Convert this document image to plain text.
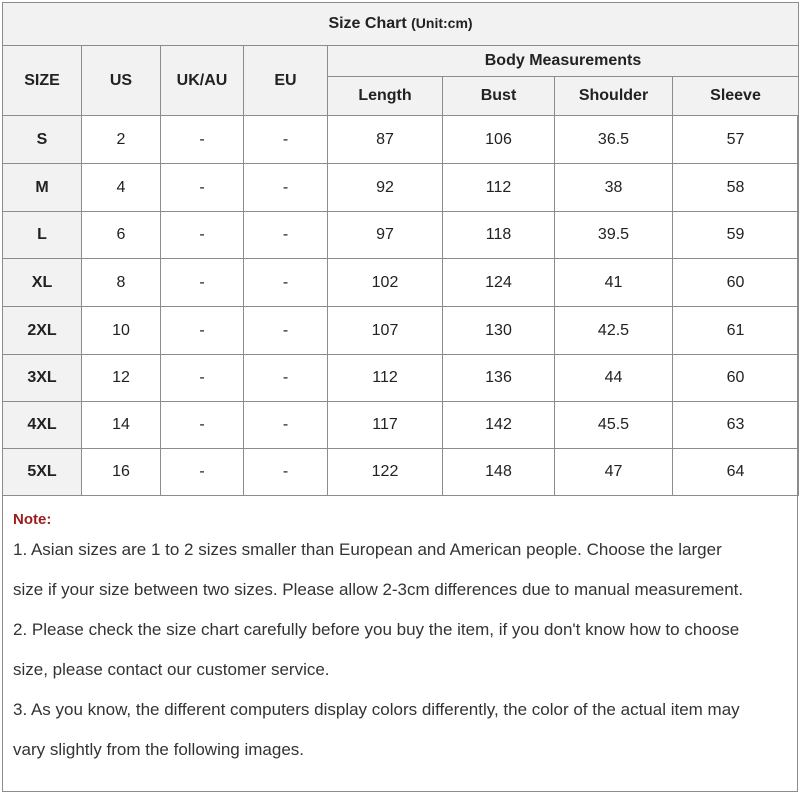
Size Chart (Unit:cm)							
SIZE	US	UK/AU	EU	Body Measurements			
				Length	Bust	Shoulder	Sleeve
S	2	-	-	87	106	36.5	57
M	4	-	-	92	112	38	58
L	6	-	-	97	118	39.5	59
XL	8	-	-	102	124	41	60
2XL	10	-	-	107	130	42.5	61
3XL	12	-	-	112	136	44	60
4XL	14	-	-	117	142	45.5	63
5XL	16	-	-	122	148	47	64
Note:
1. Asian sizes are 1 to 2 sizes smaller than European and American people. Choose the larger
size if your size between two sizes. Please allow 2-3cm differences due to manual measurement.
2. Please check the size chart carefully before you buy the item, if you don't know how to choose
size, please contact our customer service.
3. As you know, the different computers display colors differently, the color of the actual item may
vary slightly from the following images.
